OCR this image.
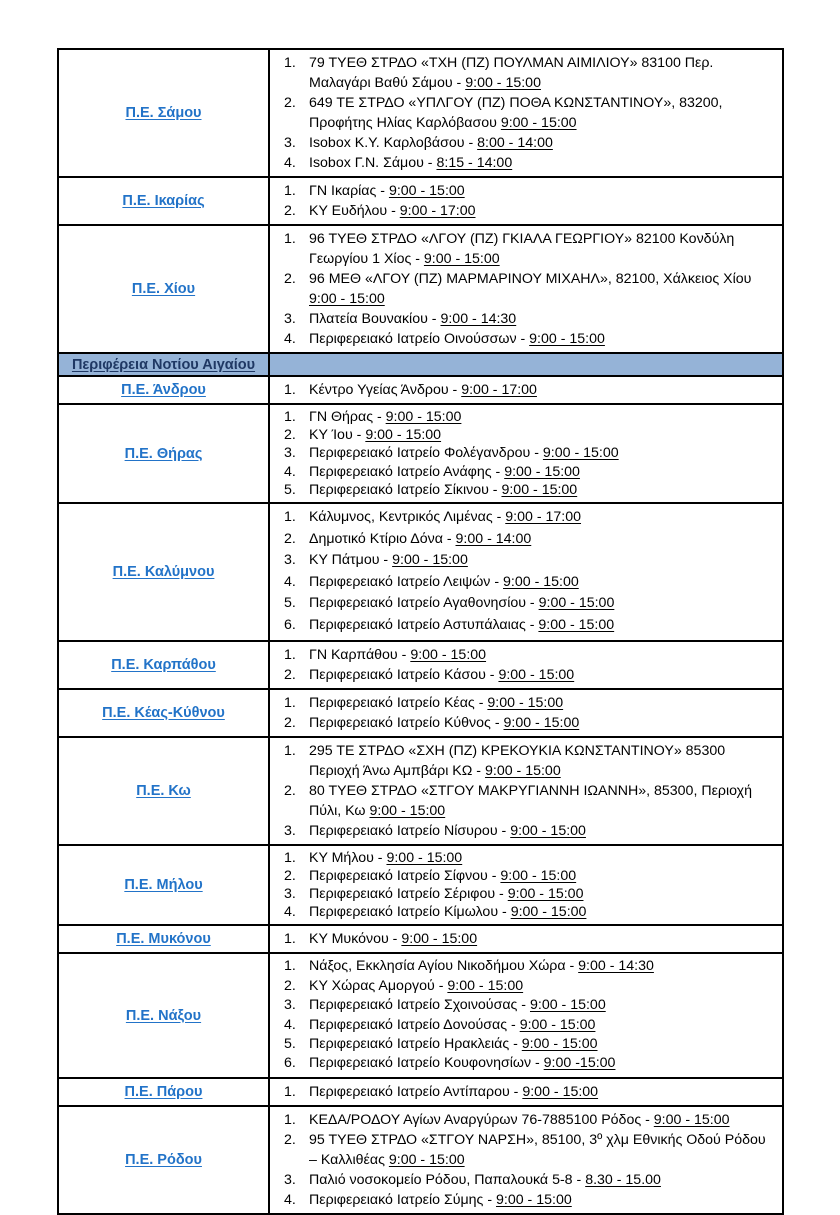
Π.Ε. Σάμου
1. 79 ΤΥΕΘ ΣΤΡΔΟ «ΤΧΗ (ΠΖ) ΠΟΥΛΜΑΝ ΑΙΜΙΛΙΟΥ» 83100 Περ. Μαλαγάρι Βαθύ Σάμου - 9:00 - 15:00
2. 649 ΤΕ ΣΤΡΔΟ «ΥΠΛΓΟΥ (ΠΖ) ΠΟΘΑ ΚΩΝΣΤΑΝΤΙΝΟΥ», 83200, Προφήτης Ηλίας Καρλόβασου 9:00 - 15:00
3. Isobox Κ.Υ. Καρλοβάσου - 8:00 - 14:00
4. Isobox Γ.Ν. Σάμου - 8:15 - 14:00
Π.Ε. Ικαρίας
1. ΓΝ Ικαρίας - 9:00 - 15:00
2. ΚΥ Ευδήλου - 9:00 - 17:00
Π.Ε. Χίου
1. 96 ΤΥΕΘ ΣΤΡΔΟ «ΛΓΟΥ (ΠΖ) ΓΚΙΑΛΑ ΓΕΩΡΓΙΟΥ» 82100 Κονδύλη Γεωργίου 1 Χίος - 9:00 - 15:00
2. 96 ΜΕΘ «ΛΓΟΥ (ΠΖ) ΜΑΡΜΑΡΙΝΟΥ ΜΙΧΑΗΛ», 82100, Χάλκειος Χίου 9:00 - 15:00
3. Πλατεία Βουνακίου - 9:00 - 14:30
4. Περιφερειακό Ιατρείο Οινούσσων - 9:00 - 15:00
Περιφέρεια Νοτίου Αιγαίου
Π.Ε. Άνδρου	1. Κέντρο Υγείας Άνδρου - 9:00 - 17:00
Π.Ε. Θήρας
1. ΓΝ Θήρας - 9:00 - 15:00
2. ΚΥ Ίου - 9:00 - 15:00
3. Περιφερειακό Ιατρείο Φολέγανδρου - 9:00 - 15:00
4. Περιφερειακό Ιατρείο Ανάφης - 9:00 - 15:00
5. Περιφερειακό Ιατρείο Σίκινου - 9:00 - 15:00
Π.Ε. Καλύμνου
1. Κάλυμνος, Κεντρικός Λιμένας - 9:00 - 17:00
2. Δημοτικό Κτίριο Δόνα - 9:00 - 14:00
3. ΚΥ Πάτμου - 9:00 - 15:00
4. Περιφερειακό Ιατρείο Λειψών - 9:00 - 15:00
5. Περιφερειακό Ιατρείο Αγαθονησίου - 9:00 - 15:00
6. Περιφερειακό Ιατρείο Αστυπάλαιας - 9:00 - 15:00
Π.Ε. Καρπάθου
1. ΓΝ Καρπάθου - 9:00 - 15:00
2. Περιφερειακό Ιατρείο Κάσου - 9:00 - 15:00
Π.Ε. Κέας-Κύθνου
1. Περιφερειακό Ιατρείο Κέας - 9:00 - 15:00
2. Περιφερειακό Ιατρείο Κύθνος - 9:00 - 15:00
Π.Ε. Κω
1. 295 ΤΕ ΣΤΡΔΟ «ΣΧΗ (ΠΖ) ΚΡΕΚΟΥΚΙΑ ΚΩΝΣΤΑΝΤΙΝΟΥ» 85300 Περιοχή Άνω Αμπβάρι ΚΩ - 9:00 - 15:00
2. 80 ΤΥΕΘ ΣΤΡΔΟ «ΣΤΓΟΥ ΜΑΚΡΥΓΙΑΝΝΗ ΙΩΑΝΝΗ», 85300, Περιοχή Πύλι, Κω 9:00 - 15:00
3. Περιφερειακό Ιατρείο Νίσυρου - 9:00 - 15:00
Π.Ε. Μήλου
1. ΚΥ Μήλου - 9:00 - 15:00
2. Περιφερειακό Ιατρείο Σίφνου - 9:00 - 15:00
3. Περιφερειακό Ιατρείο Σέριφου - 9:00 - 15:00
4. Περιφερειακό Ιατρείο Κίμωλου - 9:00 - 15:00
Π.Ε. Μυκόνου	1. ΚΥ Μυκόνου - 9:00 - 15:00
Π.Ε. Νάξου
1. Νάξος, Εκκλησία Αγίου Νικοδήμου Χώρα - 9:00 - 14:30
2. ΚΥ Χώρας Αμοργού - 9:00 - 15:00
3. Περιφερειακό Ιατρείο Σχοινούσας - 9:00 - 15:00
4. Περιφερειακό Ιατρείο Δονούσας - 9:00 - 15:00
5. Περιφερειακό Ιατρείο Ηρακλειάς - 9:00 - 15:00
6. Περιφερειακό Ιατρείο Κουφονησίων - 9:00 -15:00
Π.Ε. Πάρου	1. Περιφερειακό Ιατρείο Αντίπαρου - 9:00 - 15:00
Π.Ε. Ρόδου
1. ΚΕΔΑ/ΡΟΔΟΥ Αγίων Αναργύρων 76-7885100 Ρόδος - 9:00 - 15:00
2. 95 ΤΥΕΘ ΣΤΡΔΟ «ΣΤΓΟΥ ΝΑΡΣΗ», 85100, 3º χλμ Εθνικής Οδού Ρόδου – Καλλιθέας 9:00 - 15:00
3. Παλιό νοσοκομείο Ρόδου, Παπαλουκά 5-8 - 8.30 - 15.00
4. Περιφερειακό Ιατρείο Σύμης - 9:00 - 15:00
